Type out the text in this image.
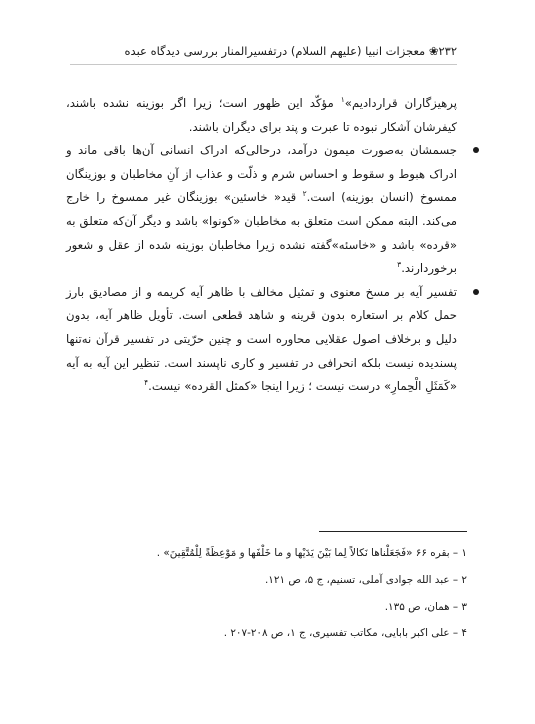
۲۳۲❀ معجزات انبیا (علیهم السلام) درتفسیرالمنار بررسی دیدگاه عبده

پرهیزگاران قراردادیم»$^۱$ مؤکّد این ظهور است؛ زیرا اگر بوزینه نشده باشند، کیفرشان آشکار نبوده تا عبرت و پند برای دیگران باشند.

جسمشان به‌صورت میمون درآمد، درحالی‌که ادراک انسانی آن‌ها باقی ماند و ادراک هبوط و سقوط و احساس شرم و ذلّت و عذاب از آنِ مخاطبان و بوزینگان ممسوخ (انسان بوزینه) است.$^۲$ قید« خاسئین» بوزینگان غیر ممسوخ را خارج می‌کند. البته ممکن است متعلق به مخاطبان «کونوا» باشد و دیگر آن‌که متعلق به «قرده» باشد و «خاسئه»گفته نشده زیرا مخاطبان بوزینه شده از عقل و شعور برخوردارند.$^۳$

تفسیر آیه بر مسخ معنوی و تمثیل مخالف با ظاهر آیه کریمه و از مصادیق بارز حمل کلام بر استعاره بدون قرینه و شاهد قطعی است. تأویل ظاهر آیه، بدون دلیل و برخلاف اصول عقلایی محاوره است و چنین حرّیتی در تفسیر قرآن نه‌تنها پسندیده نیست بلکه انحرافی در تفسیر و کاری ناپسند است. تنظیر این آیه به آیه «کَمَثَلِ الْحِمارِ» درست نیست ؛ زیرا اینجا «کمثل القرده» نیست.$^۴$

۱ – بقره ۶۶ «فَجَعَلْناها نَكالاً لِما بَيْنَ يَدَيْها و ما خَلْفَها و مَوْعِظَةً لِلْمُتَّقِينَ» .
۲ – عبد الله جوادی آملی، تسنیم، ج ۵، ص ۱۲۱.
۳ – همان، ص ۱۳۵.
۴ – علی اکبر بابایی، مکاتب تفسیری، ج ۱، ص ۲۰۸-۲۰۷ .
